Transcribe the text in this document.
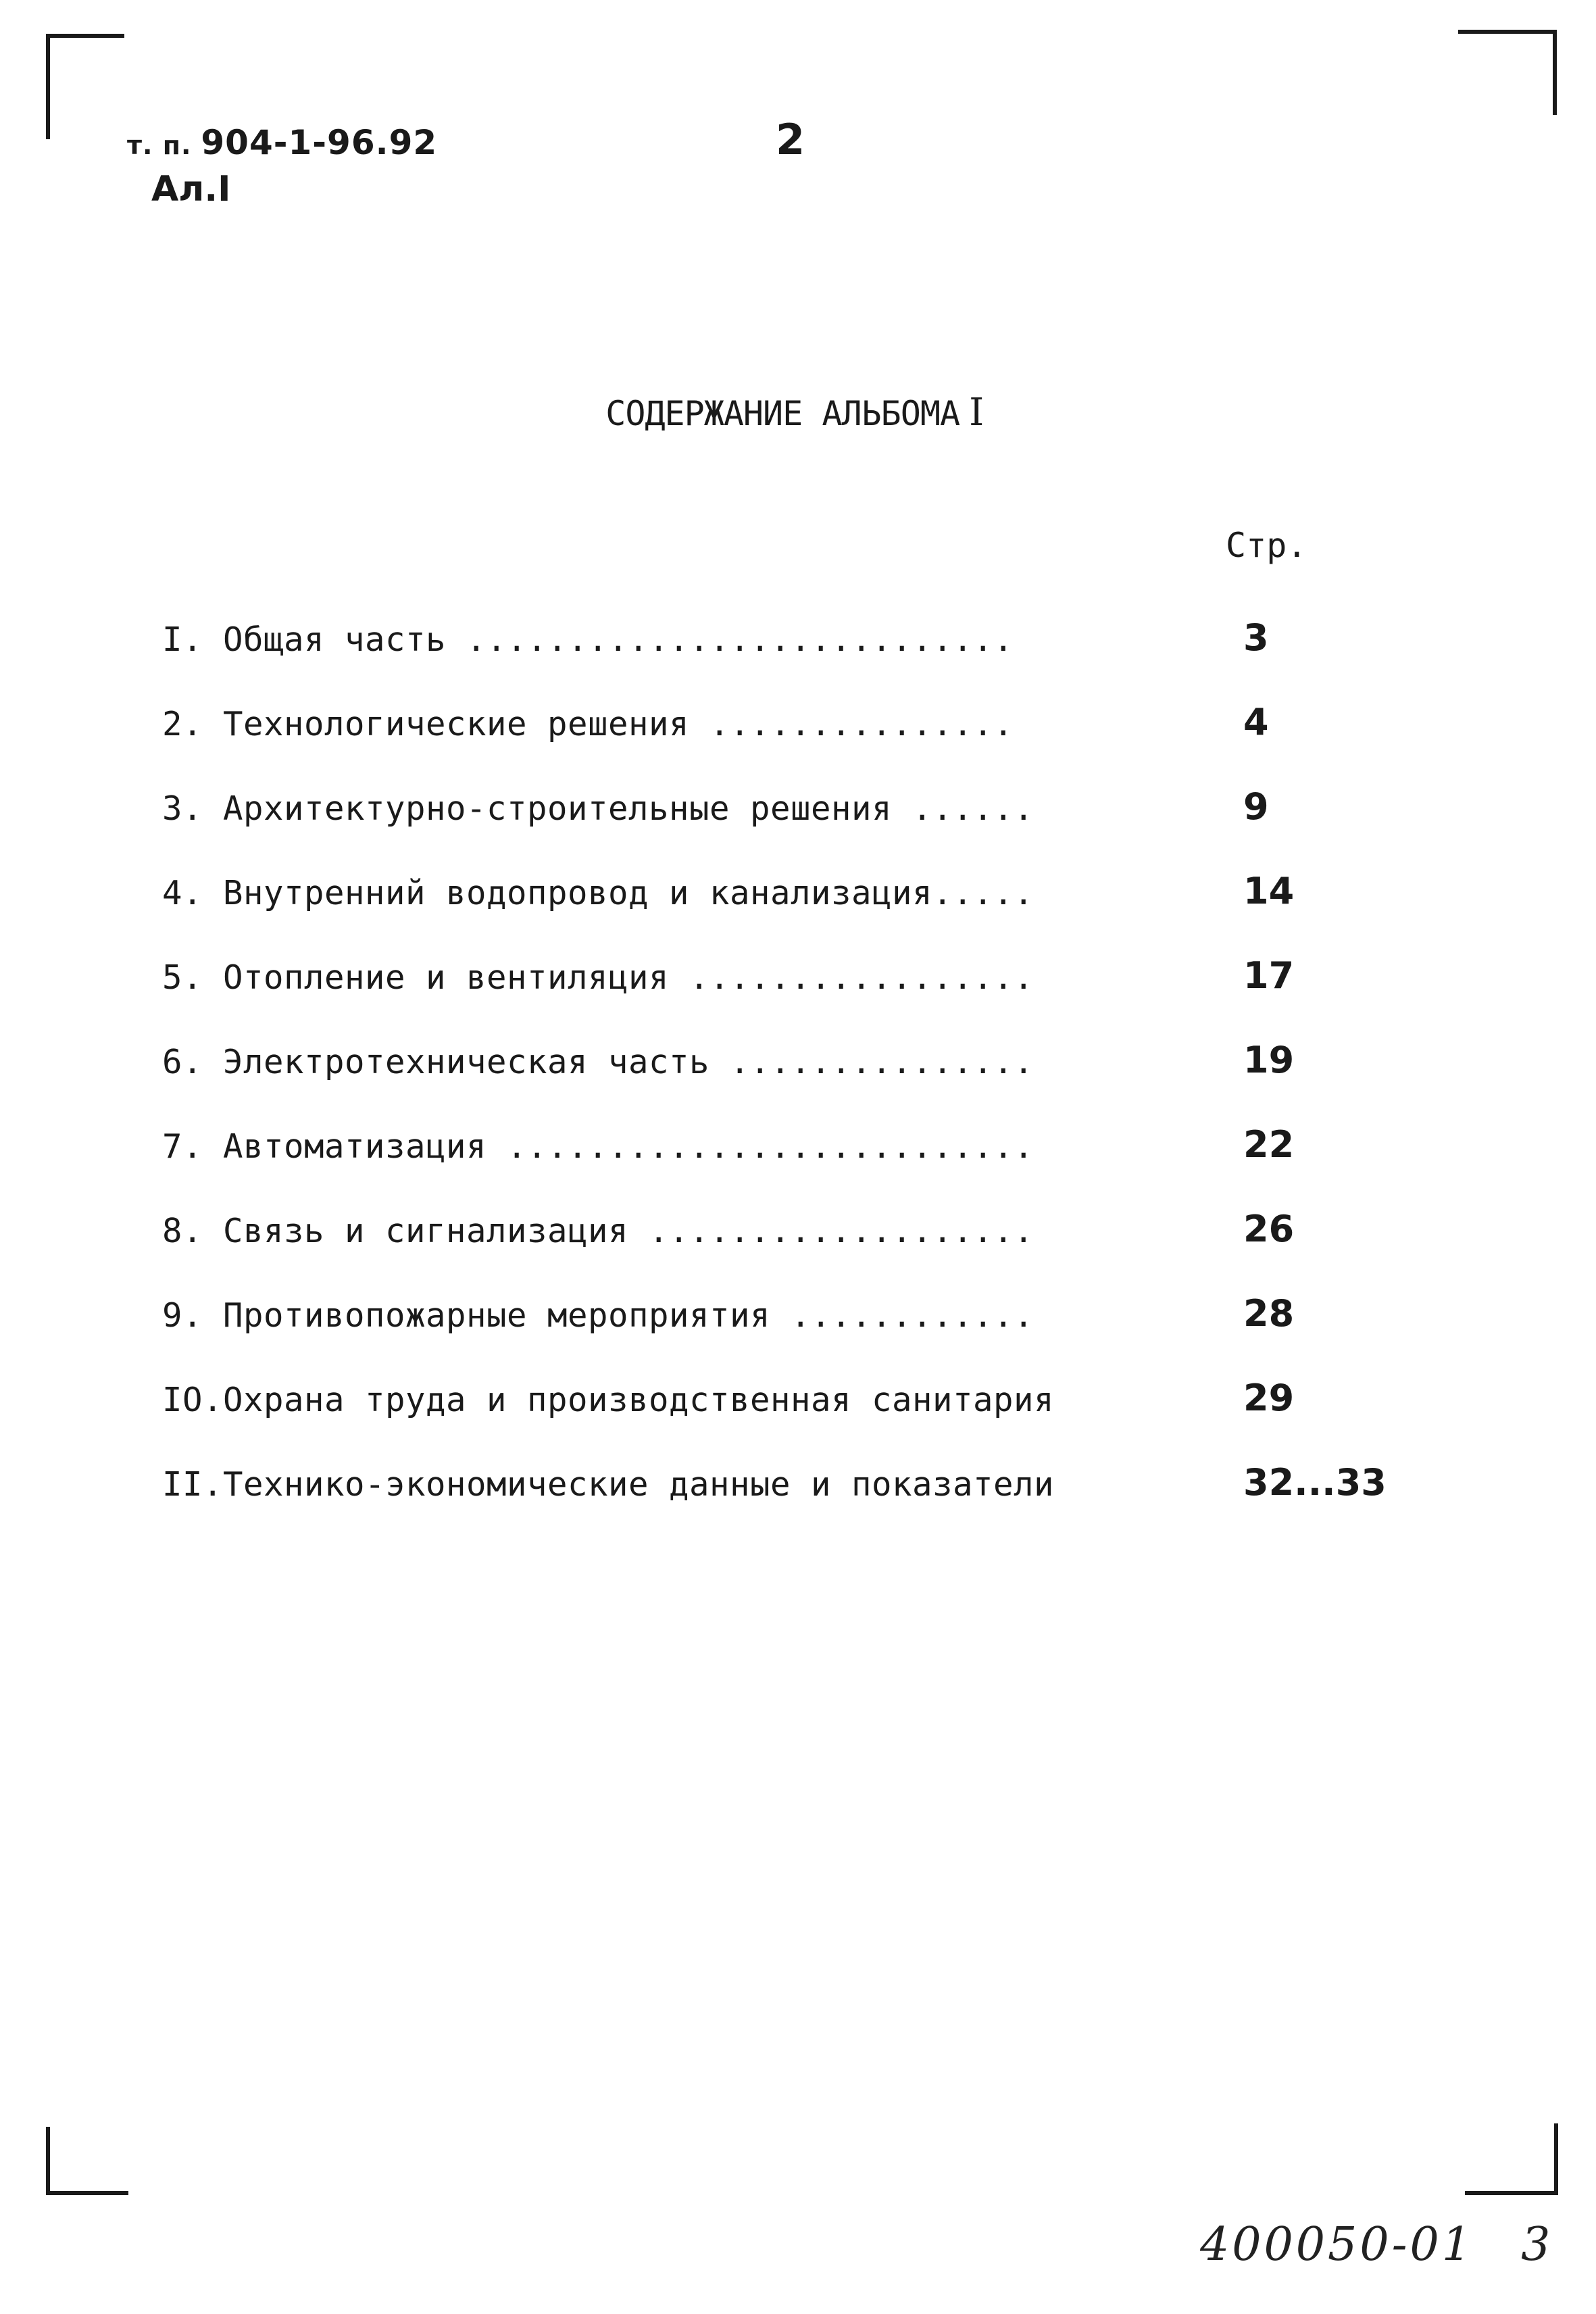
т. п. 904-1-96.92
Ал.I
2

СОДЕРЖАНИЕ АЛЬБОМА I

Стр.
I. Общая часть ...........................	3
2. Технологические решения ...............	4
3. Архитектурно-строительные решения ......	9
4. Внутренний водопровод и канализация.....	14
5. Отопление и вентиляция .................	17
6. Электротехническая часть ...............	19
7. Автоматизация ..........................	22
8. Связь и сигнализация ...................	26
9. Противопожарные мероприятия ............	28
IO.Охрана труда и производственная санитария	29
II.Технико-экономические данные и показатели	32...33
400050-01 3
